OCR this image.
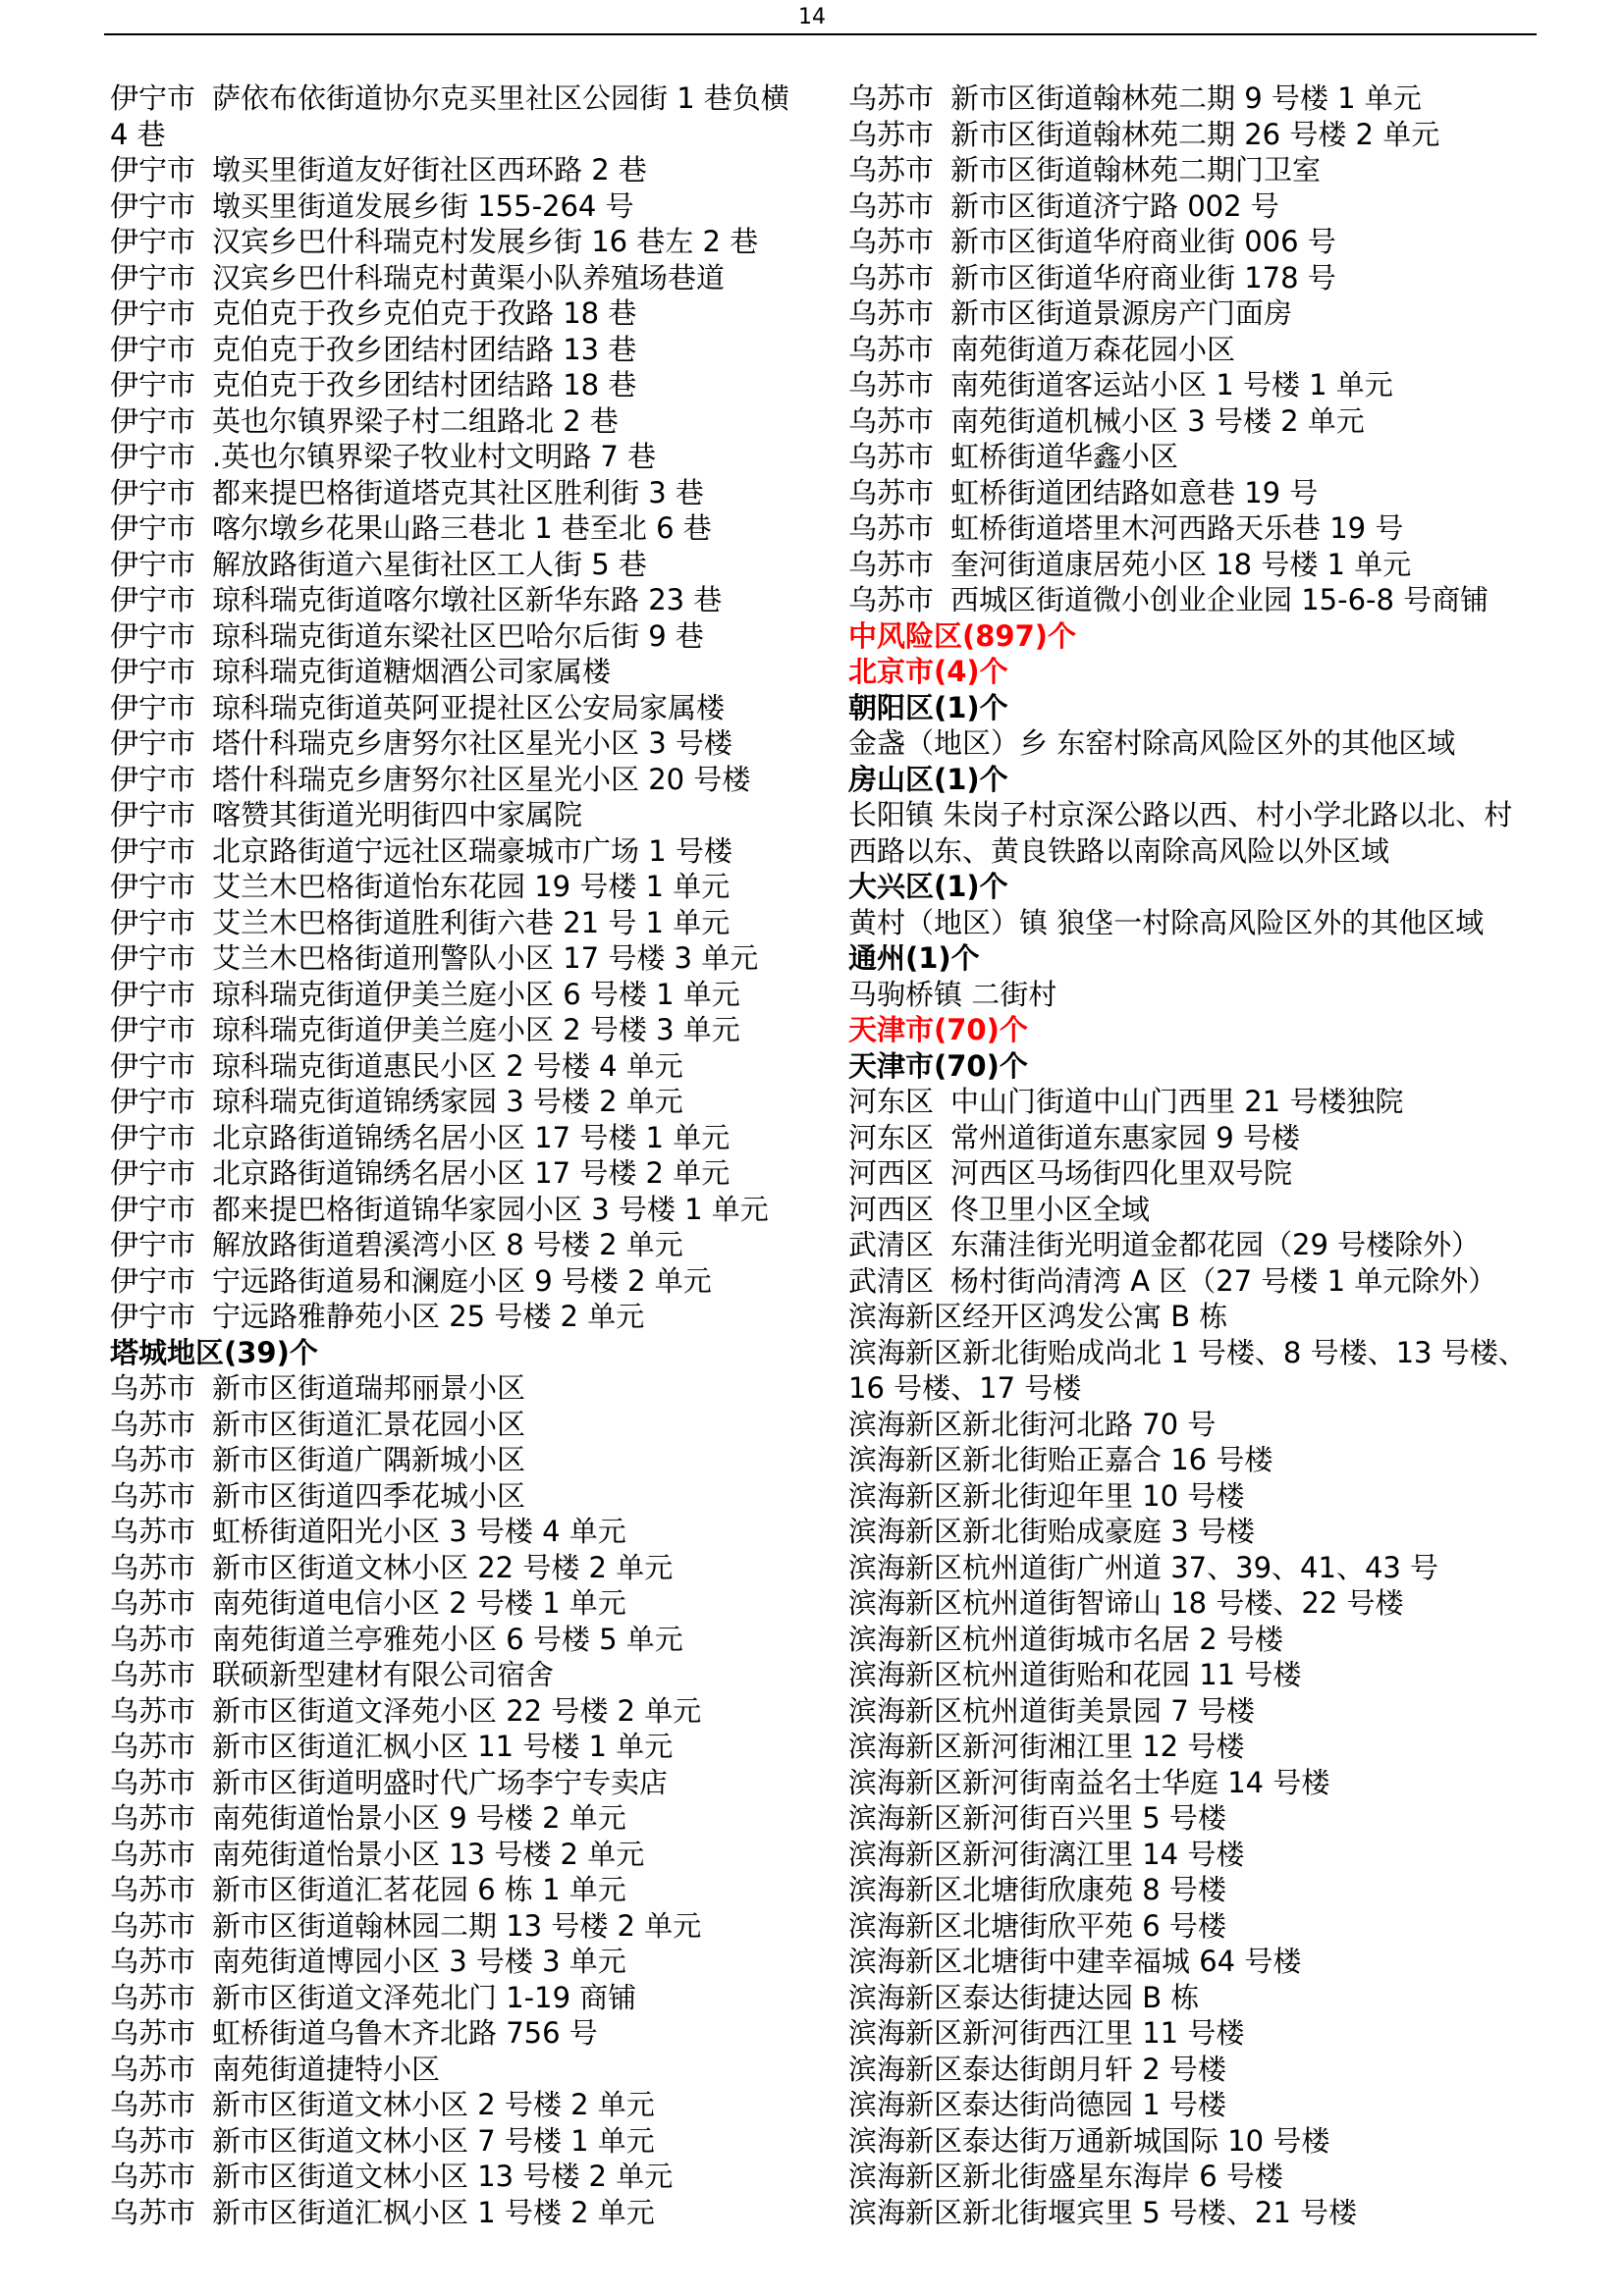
14
伊宁市 萨依布依街道协尔克买里社区公园街 1 巷负横
4 巷
伊宁市 墩买里街道友好街社区西环路 2 巷
伊宁市 墩买里街道发展乡街 155-264 号
伊宁市 汉宾乡巴什科瑞克村发展乡街 16 巷左 2 巷
伊宁市 汉宾乡巴什科瑞克村黄渠小队养殖场巷道
伊宁市 克伯克于孜乡克伯克于孜路 18 巷
伊宁市 克伯克于孜乡团结村团结路 13 巷
伊宁市 克伯克于孜乡团结村团结路 18 巷
伊宁市 英也尔镇界梁子村二组路北 2 巷
伊宁市 .英也尔镇界梁子牧业村文明路 7 巷
伊宁市 都来提巴格街道塔克其社区胜利街 3 巷
伊宁市 喀尔墩乡花果山路三巷北 1 巷至北 6 巷
伊宁市 解放路街道六星街社区工人街 5 巷
伊宁市 琼科瑞克街道喀尔墩社区新华东路 23 巷
伊宁市 琼科瑞克街道东梁社区巴哈尔后街 9 巷
伊宁市 琼科瑞克街道糖烟酒公司家属楼
伊宁市 琼科瑞克街道英阿亚提社区公安局家属楼
伊宁市 塔什科瑞克乡唐努尔社区星光小区 3 号楼
伊宁市 塔什科瑞克乡唐努尔社区星光小区 20 号楼
伊宁市 喀赞其街道光明街四中家属院
伊宁市 北京路街道宁远社区瑞豪城市广场 1 号楼
伊宁市 艾兰木巴格街道怡东花园 19 号楼 1 单元
伊宁市 艾兰木巴格街道胜利街六巷 21 号 1 单元
伊宁市 艾兰木巴格街道刑警队小区 17 号楼 3 单元
伊宁市 琼科瑞克街道伊美兰庭小区 6 号楼 1 单元
伊宁市 琼科瑞克街道伊美兰庭小区 2 号楼 3 单元
伊宁市 琼科瑞克街道惠民小区 2 号楼 4 单元
伊宁市 琼科瑞克街道锦绣家园 3 号楼 2 单元
伊宁市 北京路街道锦绣名居小区 17 号楼 1 单元
伊宁市 北京路街道锦绣名居小区 17 号楼 2 单元
伊宁市 都来提巴格街道锦华家园小区 3 号楼 1 单元
伊宁市 解放路街道碧溪湾小区 8 号楼 2 单元
伊宁市 宁远路街道易和澜庭小区 9 号楼 2 单元
伊宁市 宁远路雅静苑小区 25 号楼 2 单元
塔城地区(39)个
乌苏市 新市区街道瑞邦丽景小区
乌苏市 新市区街道汇景花园小区
乌苏市 新市区街道广隅新城小区
乌苏市 新市区街道四季花城小区
乌苏市 虹桥街道阳光小区 3 号楼 4 单元
乌苏市 新市区街道文林小区 22 号楼 2 单元
乌苏市 南苑街道电信小区 2 号楼 1 单元
乌苏市 南苑街道兰亭雅苑小区 6 号楼 5 单元
乌苏市 联硕新型建材有限公司宿舍
乌苏市 新市区街道文泽苑小区 22 号楼 2 单元
乌苏市 新市区街道汇枫小区 11 号楼 1 单元
乌苏市 新市区街道明盛时代广场李宁专卖店
乌苏市 南苑街道怡景小区 9 号楼 2 单元
乌苏市 南苑街道怡景小区 13 号楼 2 单元
乌苏市 新市区街道汇茗花园 6 栋 1 单元
乌苏市 新市区街道翰林园二期 13 号楼 2 单元
乌苏市 南苑街道博园小区 3 号楼 3 单元
乌苏市 新市区街道文泽苑北门 1-19 商铺
乌苏市 虹桥街道乌鲁木齐北路 756 号
乌苏市 南苑街道捷特小区
乌苏市 新市区街道文林小区 2 号楼 2 单元
乌苏市 新市区街道文林小区 7 号楼 1 单元
乌苏市 新市区街道文林小区 13 号楼 2 单元
乌苏市 新市区街道汇枫小区 1 号楼 2 单元
乌苏市 新市区街道翰林苑二期 9 号楼 1 单元
乌苏市 新市区街道翰林苑二期 26 号楼 2 单元
乌苏市 新市区街道翰林苑二期门卫室
乌苏市 新市区街道济宁路 002 号
乌苏市 新市区街道华府商业街 006 号
乌苏市 新市区街道华府商业街 178 号
乌苏市 新市区街道景源房产门面房
乌苏市 南苑街道万森花园小区
乌苏市 南苑街道客运站小区 1 号楼 1 单元
乌苏市 南苑街道机械小区 3 号楼 2 单元
乌苏市 虹桥街道华鑫小区
乌苏市 虹桥街道团结路如意巷 19 号
乌苏市 虹桥街道塔里木河西路天乐巷 19 号
乌苏市 奎河街道康居苑小区 18 号楼 1 单元
乌苏市 西城区街道微小创业企业园 15-6-8 号商铺
中风险区(897)个
北京市(4)个
朝阳区(1)个
金盏（地区）乡 东窑村除高风险区外的其他区域
房山区(1)个
长阳镇 朱岗子村京深公路以西、村小学北路以北、村
西路以东、黄良铁路以南除高风险以外区域
大兴区(1)个
黄村（地区）镇 狼垡一村除高风险区外的其他区域
通州(1)个
马驹桥镇 二街村
天津市(70)个
天津市(70)个
河东区 中山门街道中山门西里 21 号楼独院
河东区 常州道街道东惠家园 9 号楼
河西区 河西区马场街四化里双号院
河西区 佟卫里小区全域
武清区 东蒲洼街光明道金都花园（29 号楼除外）
武清区 杨村街尚清湾 A 区（27 号楼 1 单元除外）
滨海新区经开区鸿发公寓 B 栋
滨海新区新北街贻成尚北 1 号楼、8 号楼、13 号楼、
16 号楼、17 号楼
滨海新区新北街河北路 70 号
滨海新区新北街贻正嘉合 16 号楼
滨海新区新北街迎年里 10 号楼
滨海新区新北街贻成豪庭 3 号楼
滨海新区杭州道街广州道 37、39、41、43 号
滨海新区杭州道街智谛山 18 号楼、22 号楼
滨海新区杭州道街城市名居 2 号楼
滨海新区杭州道街贻和花园 11 号楼
滨海新区杭州道街美景园 7 号楼
滨海新区新河街湘江里 12 号楼
滨海新区新河街南益名士华庭 14 号楼
滨海新区新河街百兴里 5 号楼
滨海新区新河街漓江里 14 号楼
滨海新区北塘街欣康苑 8 号楼
滨海新区北塘街欣平苑 6 号楼
滨海新区北塘街中建幸福城 64 号楼
滨海新区泰达街捷达园 B 栋
滨海新区新河街西江里 11 号楼
滨海新区泰达街朗月轩 2 号楼
滨海新区泰达街尚德园 1 号楼
滨海新区泰达街万通新城国际 10 号楼
滨海新区新北街盛星东海岸 6 号楼
滨海新区新北街堰宾里 5 号楼、21 号楼
